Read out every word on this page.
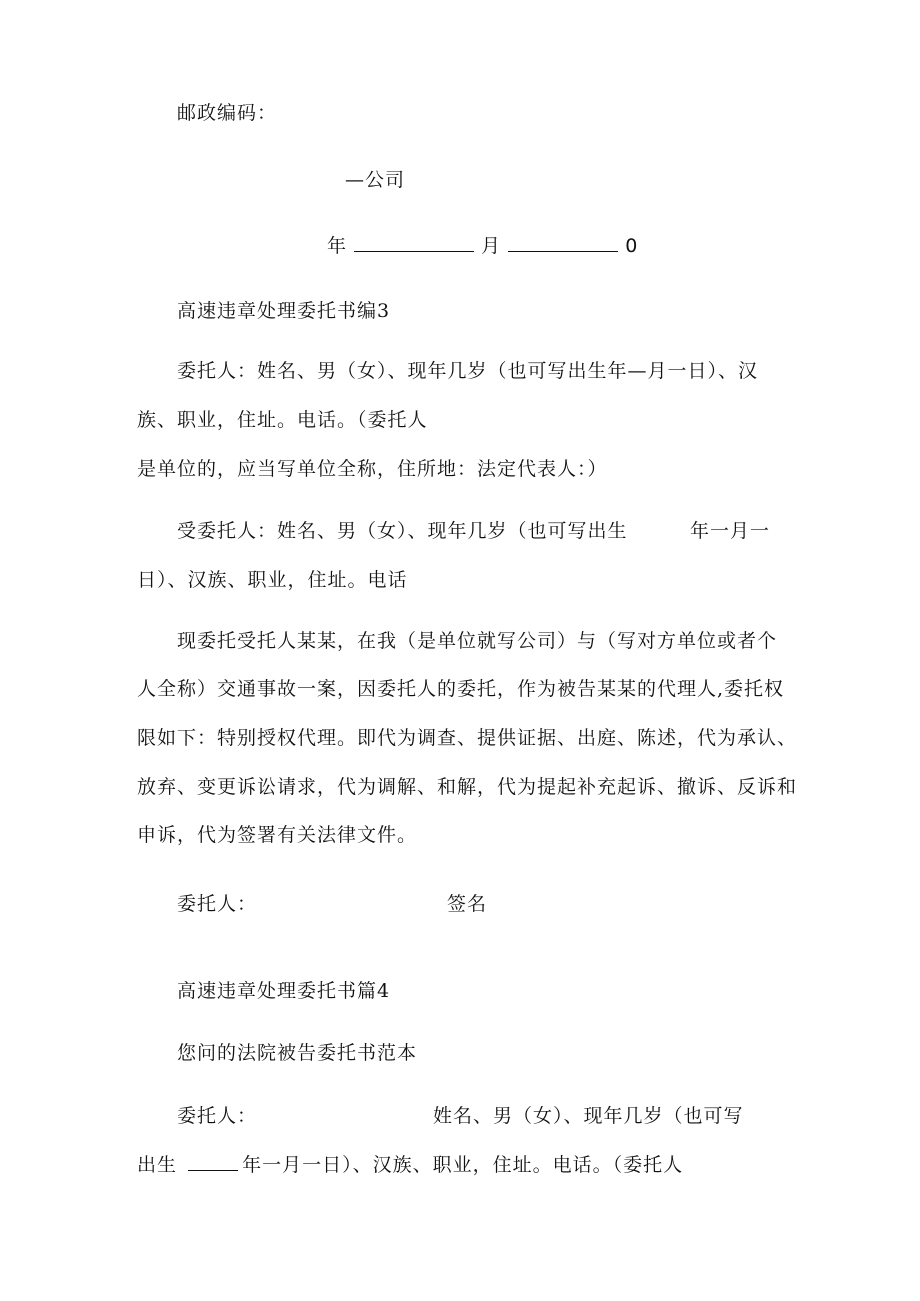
邮政编码：
—公司
年	月	0
高速违章处理委托书编3
委托人：姓名、男（女）、现年几岁（也可写出生年—月一日）、汉
族、职业，住址。电话。（委托人
是单位的，应当写单位全称，住所地：法定代表人：）
受委托人：姓名、男（女）、现年几岁（也可写出生	年一月一
日）、汉族、职业，住址。电话
现委托受托人某某，在我（是单位就写公司）与（写对方单位或者个
人全称）交通事故一案，因委托人的委托，作为被告某某的代理人,委托权
限如下：特别授权代理。即代为调查、提供证据、出庭、陈述，代为承认、
放弃、变更诉讼请求，代为调解、和解，代为提起补充起诉、撤诉、反诉和
申诉，代为签署有关法律文件。
委托人：	签名
高速违章处理委托书篇4
您问的法院被告委托书范本
委托人：	姓名、男（女）、现年几岁（也可写
出生	年一月一日）、汉族、职业，住址。电话。（委托人
